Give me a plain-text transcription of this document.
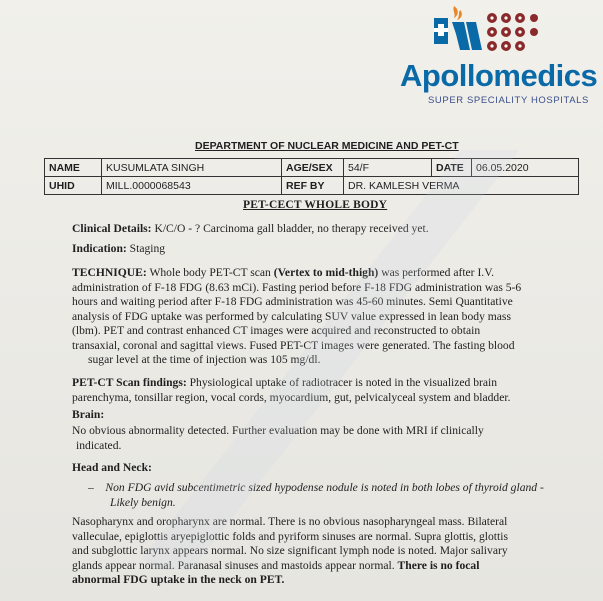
Apollomedics
SUPER SPECIALITY HOSPITALS
DEPARTMENT OF NUCLEAR MEDICINE AND PET-CT
NAME	KUSUMLATA SINGH	AGE/SEX	54/F	DATE	06.05.2020
UHID	MILL.0000068543	REF BY	DR. KAMLESH VERMA		
PET-CECT WHOLE BODY
Clinical Details: K/C/O - ? Carcinoma gall bladder, no therapy received yet.
Indication: Staging
TECHNIQUE: Whole body PET-CT scan (Vertex to mid-thigh) was performed after I.V.
administration of F-18 FDG (8.63 mCi). Fasting period before F-18 FDG administration was 5-6
hours and waiting period after F-18 FDG administration was 45-60 minutes. Semi Quantitative
analysis of FDG uptake was performed by calculating SUV value expressed in lean body mass
(lbm). PET and contrast enhanced CT images were acquired and reconstructed to obtain
transaxial, coronal and sagittal views. Fused PET-CT images were generated. The fasting blood
sugar level at the time of injection was 105 mg/dl.
PET-CT Scan findings: Physiological uptake of radiotracer is noted in the visualized brain
parenchyma, tonsillar region, vocal cords, myocardium, gut, pelvicalyceal system and bladder.
Brain:
No obvious abnormality detected. Further evaluation may be done with MRI if clinically
indicated.
Head and Neck:
– Non FDG avid subcentimetric sized hypodense nodule is noted in both lobes of thyroid gland -
Likely benign.
Nasopharynx and oropharynx are normal. There is no obvious nasopharyngeal mass. Bilateral
valleculae, epiglottis aryepiglottic folds and pyriform sinuses are normal. Supra glottis, glottis
and subglottic larynx appears normal. No size significant lymph node is noted. Major salivary
glands appear normal. Paranasal sinuses and mastoids appear normal. There is no focal
abnormal FDG uptake in the neck on PET.
